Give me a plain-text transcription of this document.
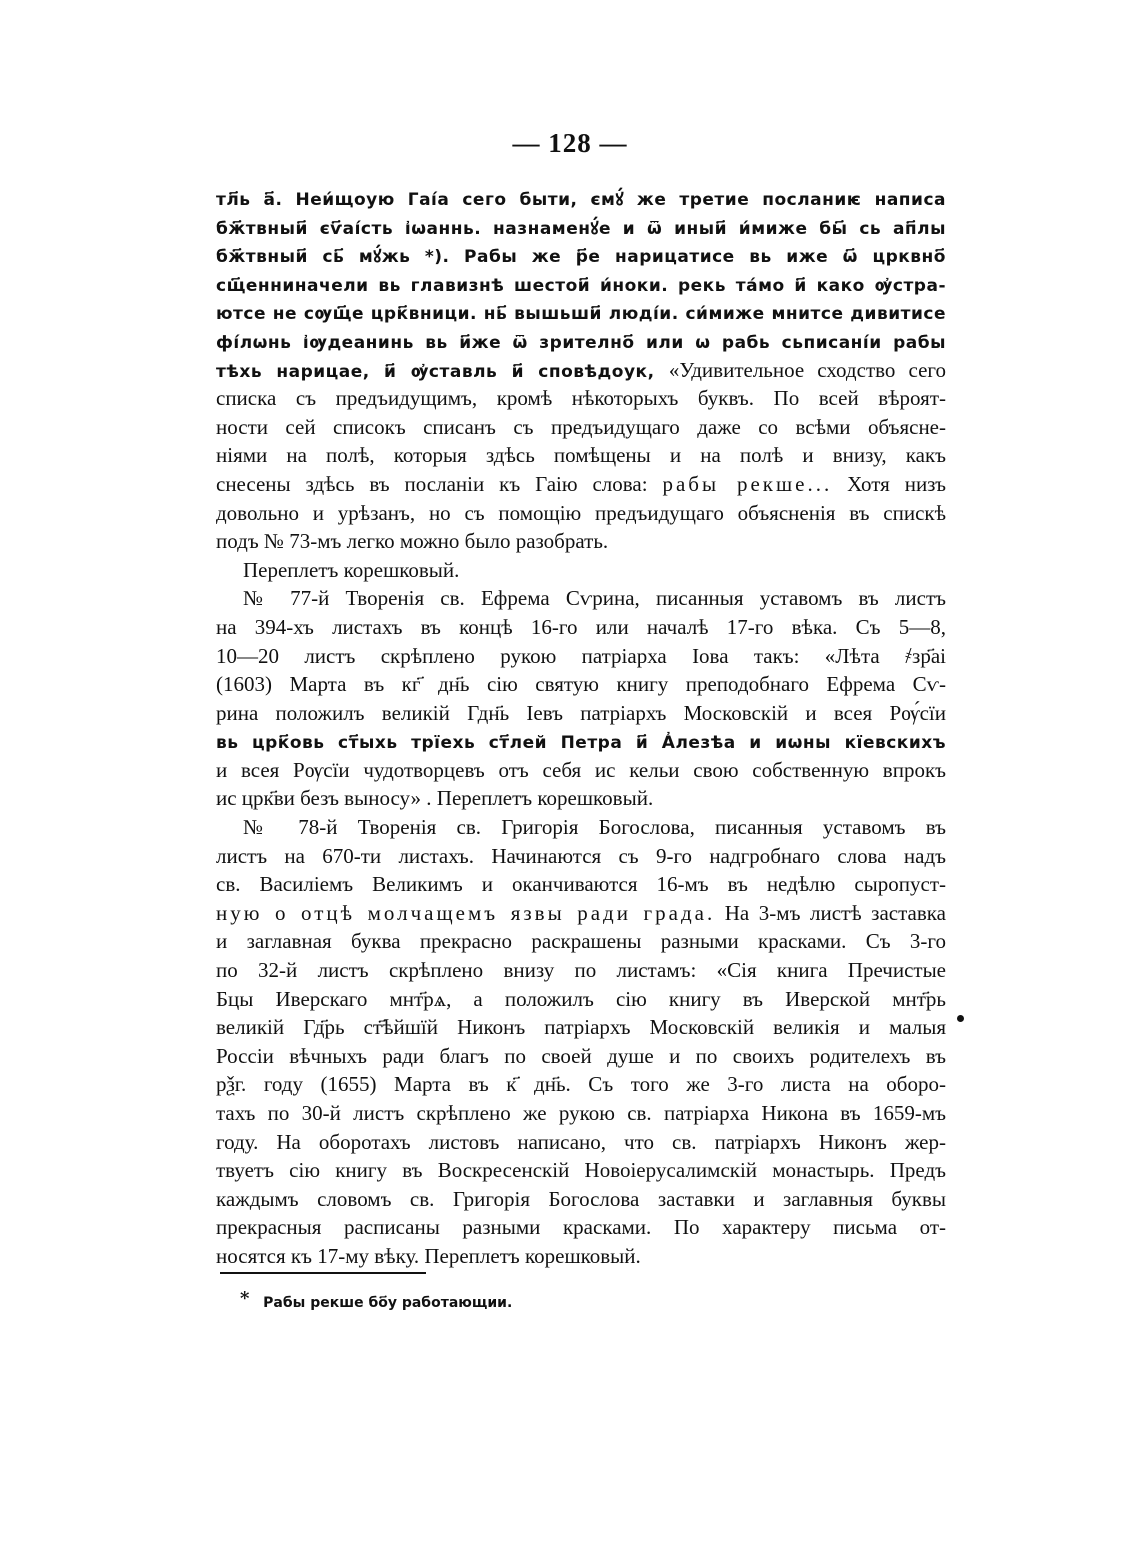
— 128 —
тл҃ь а҃. Неи́щоую Гаі́а сего быти, ємꙋ́ же третие посланиѥ написа
бж҃твныи҃ єѵ҃аі́сть і҆ѡаннь. назнаменꙋ́е и ѿ иныи҃ и́миже бы҃ сь ап҃лы
бж҃твныи҃ сь҃ мꙋ́жь *). Рабы же р҃е нарицатисе вь иже ѡ҃ црквно҃
сщ҃енниначели вь главизнѣ шестои҃ и́ноки. рекь та́мо и҃ како ѹ҆стра-
ютсе не сѹщ҃е црк҃вници. нь҃ вышьши҃ люді́и. си́миже мнитсе дивитисе
фі́лѡнь і҆ѹдеанинь вь и҃же ѿ зрително҃ или ѡ рабь сьписані́и рабы
тѣхь нарицае, и҃ ѹ҆ставль и҃ сповѣдоук, «Удивительное сходство сего
списка съ предъидущимъ, кромѣ нѣкоторыхъ буквъ. По всей вѣроят-
ности сей списокъ списанъ съ предъидущаго даже со всѣми объясне-
ніями на полѣ, которыя здѣсь помѣщены и на полѣ и внизу, какъ
снесены здѣсь въ посланіи къ Гаію слова: рабы рекше... Хотя низъ
довольно и урѣзанъ, но съ помощію предъидущаго объясненія въ спискѣ
подъ № 73-мъ легко можно было разобрать.
Переплетъ корешковый.
№ 77-й Творенія св. Ефрема Сѵрина, писанныя уставомъ въ листъ
на 394-хъ листахъ въ концѣ 16-го или началѣ 17-го вѣка. Съ 5—8,
10—20 листъ скрѣплено рукою патріарха Іова такъ: «Лѣта ҂зр҃аі
(1603) Марта въ кг҃ дн҃ь сію святую книгу преподобнаго Ефрема Сѵ-
рина положилъ великій Гдн҃ь Іевъ патріархъ Московскій и всея Рѹ́сїи
вь црк҃овь ст҃ыхь трїехь ст҃лей Петра и҃ А҆лезѣа и иѡны кїевскихъ
и всея Рѹсїи чудотворцевъ отъ себя ис кельи свою собственную впрокъ
ис црк҃ви безъ выносу» . Переплетъ корешковый.
№ 78-й Творенія св. Григорія Богослова, писанныя уставомъ въ
листъ на 670-ти листахъ. Начинаются съ 9-го надгробнаго слова надъ
св. Василіемъ Великимъ и оканчиваются 16-мъ въ недѣлю сыропуст-
ную о отцѣ молчащемъ язвы ради града. На 3-мъ листѣ заставка
и заглавная буква прекрасно раскрашены разными красками. Съ 3-го
по 32-й листъ скрѣплено внизу по листамъ: «Сія книга Пречистые
Бцы Иверскаго мнт҃рѧ, а положилъ сію книгу въ Иверской мнт҃рь
великій Гд҃рь ст҃ѣйшїй Никонъ патріархъ Московскій великія и малыя
Россіи вѣчныхъ ради благъ по своей душе и по своихъ родителехъ въ
рѯг. году (1655) Марта въ к҃ дн҃ь. Съ того же 3-го листа на оборо-
тахъ по 30-й листъ скрѣплено же рукою св. патріарха Никона въ 1659-мъ
году. На оборотахъ листовъ написано, что св. патріархъ Никонъ жер-
твуетъ сію книгу въ Воскресенскій Новоіерусалимскій монастырь. Предъ
каждымъ словомъ св. Григорія Богослова заставки и заглавныя буквы
прекрасныя расписаны разными красками. По характеру письма от-
носятся къ 17-му вѣку. Переплетъ корешковый.
* Рабы рекше бо҃у работающии.
